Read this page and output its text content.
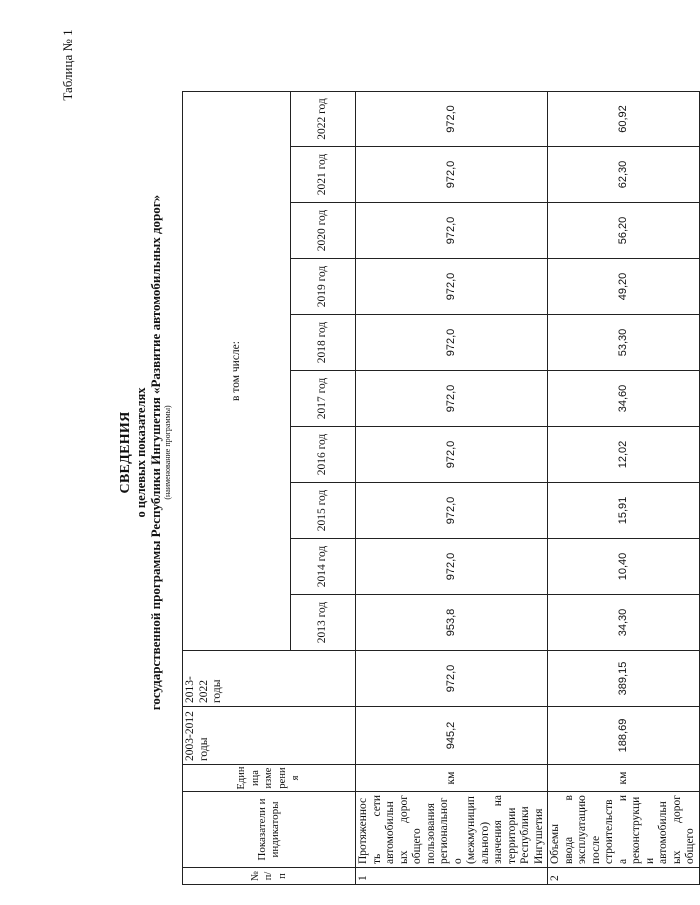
Таблица № 1
СВЕДЕНИЯ о целевых показателях государственной программы Республики Ингушетия «Развитие автомобильных дорог» (наименование программы)
№ п/п	Показатели и индикаторы	Единица измерения	2003-2012 годы	2013-2022 годы	в том числе:									
					2013 год	2014 год	2015 год	2016 год	2017 год	2018 год	2019 год	2020 год	2021 год	2022 год
1	Протяженность сети автомобильных дорог общего пользования регионального (межмуниципального) значения на территории Республики Ингушетия	км	945,2	972,0	953,8	972,0	972,0	972,0	972,0	972,0	972,0	972,0	972,0	972,0
2	Объемы ввода в эксплуатацию после строительства и реконструкции автомобильных дорог общего	км	188,69	389,15	34,30	10,40	15,91	12,02	34,60	53,30	49,20	56,20	62,30	60,92
